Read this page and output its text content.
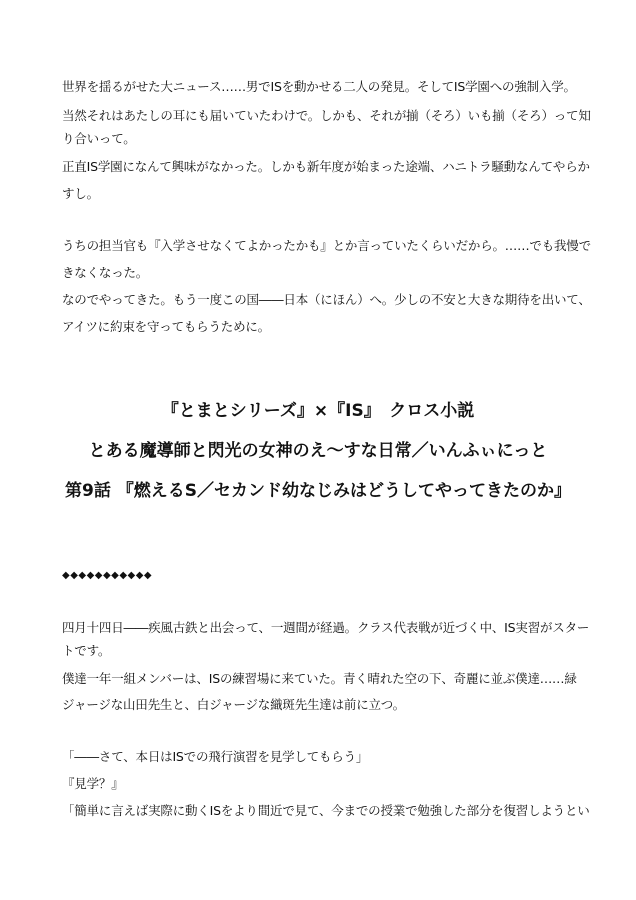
世界を揺るがせた大ニュース……男でISを動かせる二人の発見。そしてIS学園への強制入学。
当然それはあたしの耳にも届いていたわけで。しかも、それが揃（そろ）いも揃（そろ）って知
り合いって。
正直IS学園になんて興味がなかった。しかも新年度が始まった途端、ハニトラ騒動なんてやらか
すし。
うちの担当官も『入学させなくてよかったかも』とか言っていたくらいだから。……でも我慢で
きなくなった。
なのでやってきた。もう一度この国――日本（にほん）へ。少しの不安と大きな期待を出いて、
アイツに約束を守ってもらうために。
『とまとシリーズ』×『IS』　クロス小説
とある魔導師と閃光の女神のえ～すな日常／いんふぃにっと
第9話 『燃えるS／セカンド幼なじみはどうしてやってきたのか』
◆◆◆◆◆◆◆◆◆◆◆
四月十四日――疾風古鉄と出会って、一週間が経過。クラス代表戦が近づく中、IS実習がスター
トです。
僕達一年一組メンバーは、ISの練習場に来ていた。青く晴れた空の下、奇麗に並ぶ僕達……緑
ジャージな山田先生と、白ジャージな織斑先生達は前に立つ。
「――さて、本日はISでの飛行演習を見学してもらう」
『見学？』
「簡単に言えば実際に動くISをより間近で見て、今までの授業で勉強した部分を復習しようとい
